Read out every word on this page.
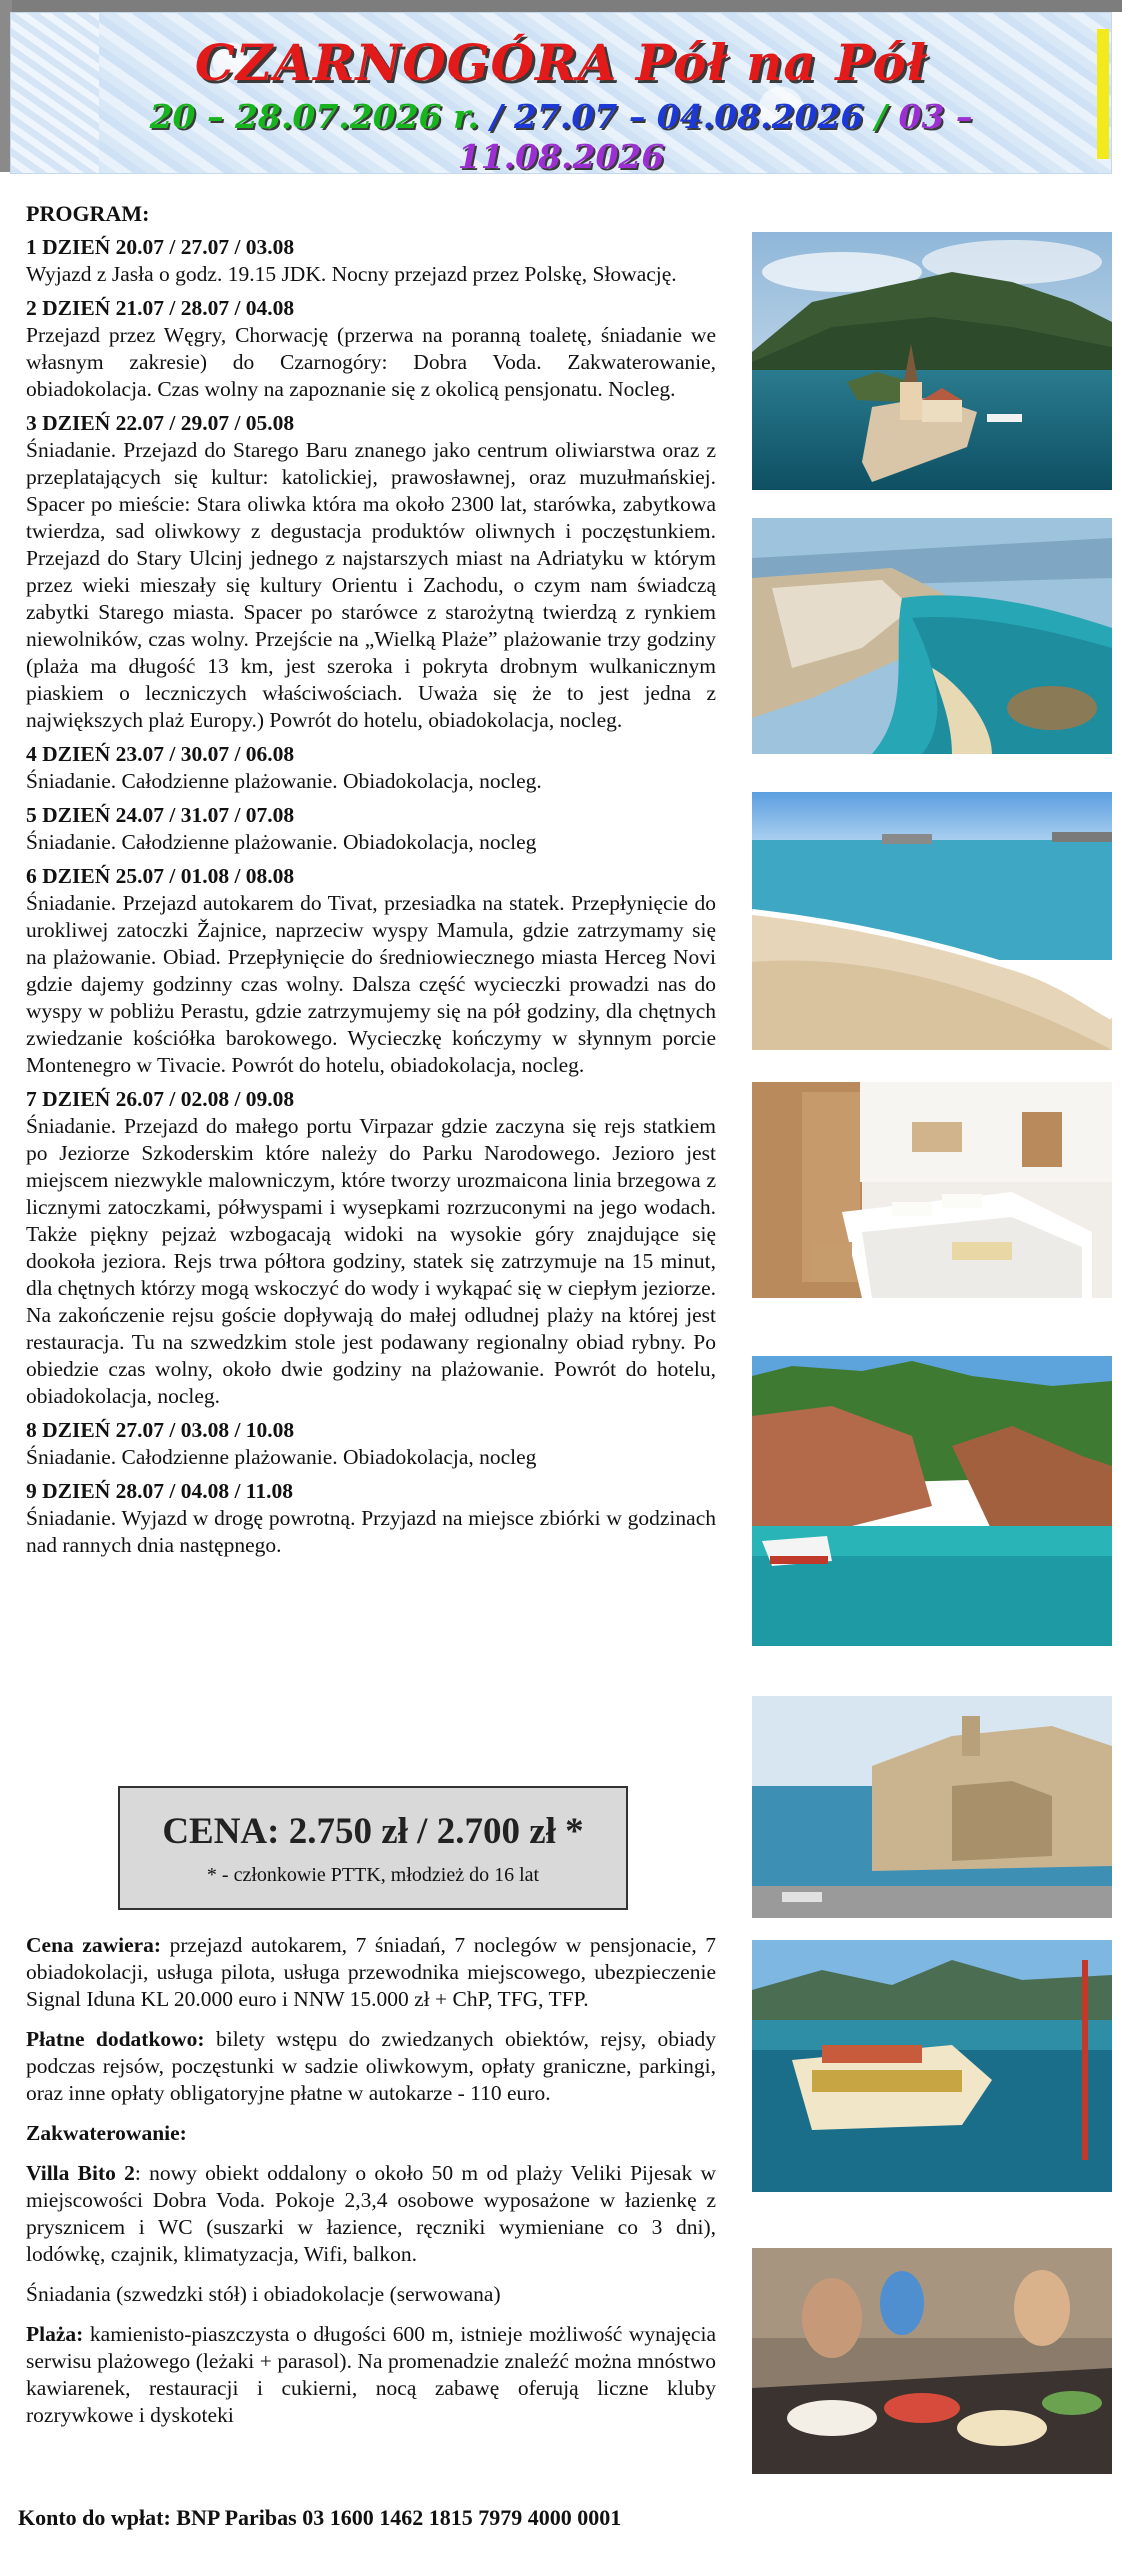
CZARNOGÓRA Pół na Pół
20 – 28.07.2026 r. / 27.07 – 04.08.2026 / 03 – 11.08.2026
PROGRAM:
1 DZIEŃ 20.07 / 27.07 / 03.08
Wyjazd z Jasła o godz. 19.15 JDK. Nocny przejazd przez Polskę, Słowację.
2 DZIEŃ 21.07 / 28.07 / 04.08
Przejazd przez Węgry, Chorwację (przerwa na poranną toaletę, śniadanie we własnym zakresie) do Czarnogóry: Dobra Voda. Zakwaterowanie, obiadokolacja. Czas wolny na zapoznanie się z okolicą pensjonatu. Nocleg.
3 DZIEŃ 22.07 / 29.07 / 05.08
Śniadanie. Przejazd do Starego Baru znanego jako centrum oliwiarstwa oraz z przeplatających się kultur: katolickiej, prawosławnej, oraz muzułmańskiej. Spacer po mieście: Stara oliwka która ma około 2300 lat, starówka, zabytkowa twierdza, sad oliwkowy z degustacja produktów oliwnych i poczęstunkiem. Przejazd do Stary Ulcinj jednego z najstarszych miast na Adriatyku w którym przez wieki mieszały się kultury Orientu i Zachodu, o czym nam świadczą zabytki Starego miasta. Spacer po starówce z starożytną twierdzą z rynkiem niewolników, czas wolny. Przejście na „Wielką Plaże” plażowanie trzy godziny (plaża ma długość 13 km, jest szeroka i pokryta drobnym wulkanicznym piaskiem o leczniczych właściwościach. Uważa się że to jest jedna z największych plaż Europy.) Powrót do hotelu, obiadokolacja, nocleg.
4 DZIEŃ 23.07 / 30.07 / 06.08
Śniadanie. Całodzienne plażowanie. Obiadokolacja, nocleg.
5 DZIEŃ 24.07 / 31.07 / 07.08
Śniadanie. Całodzienne plażowanie. Obiadokolacja, nocleg
6 DZIEŃ 25.07 / 01.08 / 08.08
Śniadanie. Przejazd autokarem do Tivat, przesiadka na statek. Przepłynięcie do urokliwej zatoczki Žajnice, naprzeciw wyspy Mamula, gdzie zatrzymamy się na plażowanie. Obiad. Przepłynięcie do średniowiecznego miasta Herceg Novi gdzie dajemy godzinny czas wolny. Dalsza część wycieczki prowadzi nas do wyspy w pobliżu Perastu, gdzie zatrzymujemy się na pół godziny, dla chętnych zwiedzanie kościółka barokowego. Wycieczkę kończymy w słynnym porcie Montenegro w Tivacie. Powrót do hotelu, obiadokolacja, nocleg.
7 DZIEŃ 26.07 / 02.08 / 09.08
Śniadanie. Przejazd do małego portu Virpazar gdzie zaczyna się rejs statkiem po Jeziorze Szkoderskim które należy do Parku Narodowego. Jezioro jest miejscem niezwykle malowniczym, które tworzy urozmaicona linia brzegowa z licznymi zatoczkami, półwyspami i wysepkami rozrzuconymi na jego wodach. Także piękny pejzaż wzbogacają widoki na wysokie góry znajdujące się dookoła jeziora. Rejs trwa półtora godziny, statek się zatrzymuje na 15 minut, dla chętnych którzy mogą wskoczyć do wody i wykąpać się w ciepłym jeziorze. Na zakończenie rejsu goście dopływają do małej odludnej plaży na której jest restauracja. Tu na szwedzkim stole jest podawany regionalny obiad rybny. Po obiedzie czas wolny, około dwie godziny na plażowanie. Powrót do hotelu, obiadokolacja, nocleg.
8 DZIEŃ 27.07 / 03.08 / 10.08
Śniadanie. Całodzienne plażowanie. Obiadokolacja, nocleg
9 DZIEŃ 28.07 / 04.08 / 11.08
Śniadanie. Wyjazd w drogę powrotną. Przyjazd na miejsce zbiórki w godzinach nad rannych dnia następnego.
CENA: 2.750 zł / 2.700 zł *
* - członkowie PTTK, młodzież do 16 lat

Cena zawiera: przejazd autokarem, 7 śniadań, 7 noclegów w pensjonacie, 7 obiadokolacji, usługa pilota, usługa przewodnika miejscowego, ubezpieczenie Signal Iduna KL 20.000 euro i NNW 15.000 zł + ChP, TFG, TFP.

Płatne dodatkowo: bilety wstępu do zwiedzanych obiektów, rejsy, obiady podczas rejsów, poczęstunki w sadzie oliwkowym, opłaty graniczne, parkingi, oraz inne opłaty obligatoryjne płatne w autokarze - 110 euro.

Zakwaterowanie:

Villa Bito 2: nowy obiekt oddalony o około 50 m od plaży Veliki Pijesak w miejscowości Dobra Voda. Pokoje 2,3,4 osobowe wyposażone w łazienkę z prysznicem i WC (suszarki w łazience, ręczniki wymieniane co 3 dni), lodówkę, czajnik, klimatyzacja, Wifi, balkon.

Śniadania (szwedzki stół) i obiadokolacje (serwowana)

Plaża: kamienisto-piaszczysta o długości 600 m, istnieje możliwość wynajęcia serwisu plażowego (leżaki + parasol). Na promenadzie znaleźć można mnóstwo kawiarenek, restauracji i cukierni, nocą zabawę oferują liczne kluby rozrywkowe i dyskoteki

Konto do wpłat: BNP Paribas 03 1600 1462 1815 7979 4000 0001
